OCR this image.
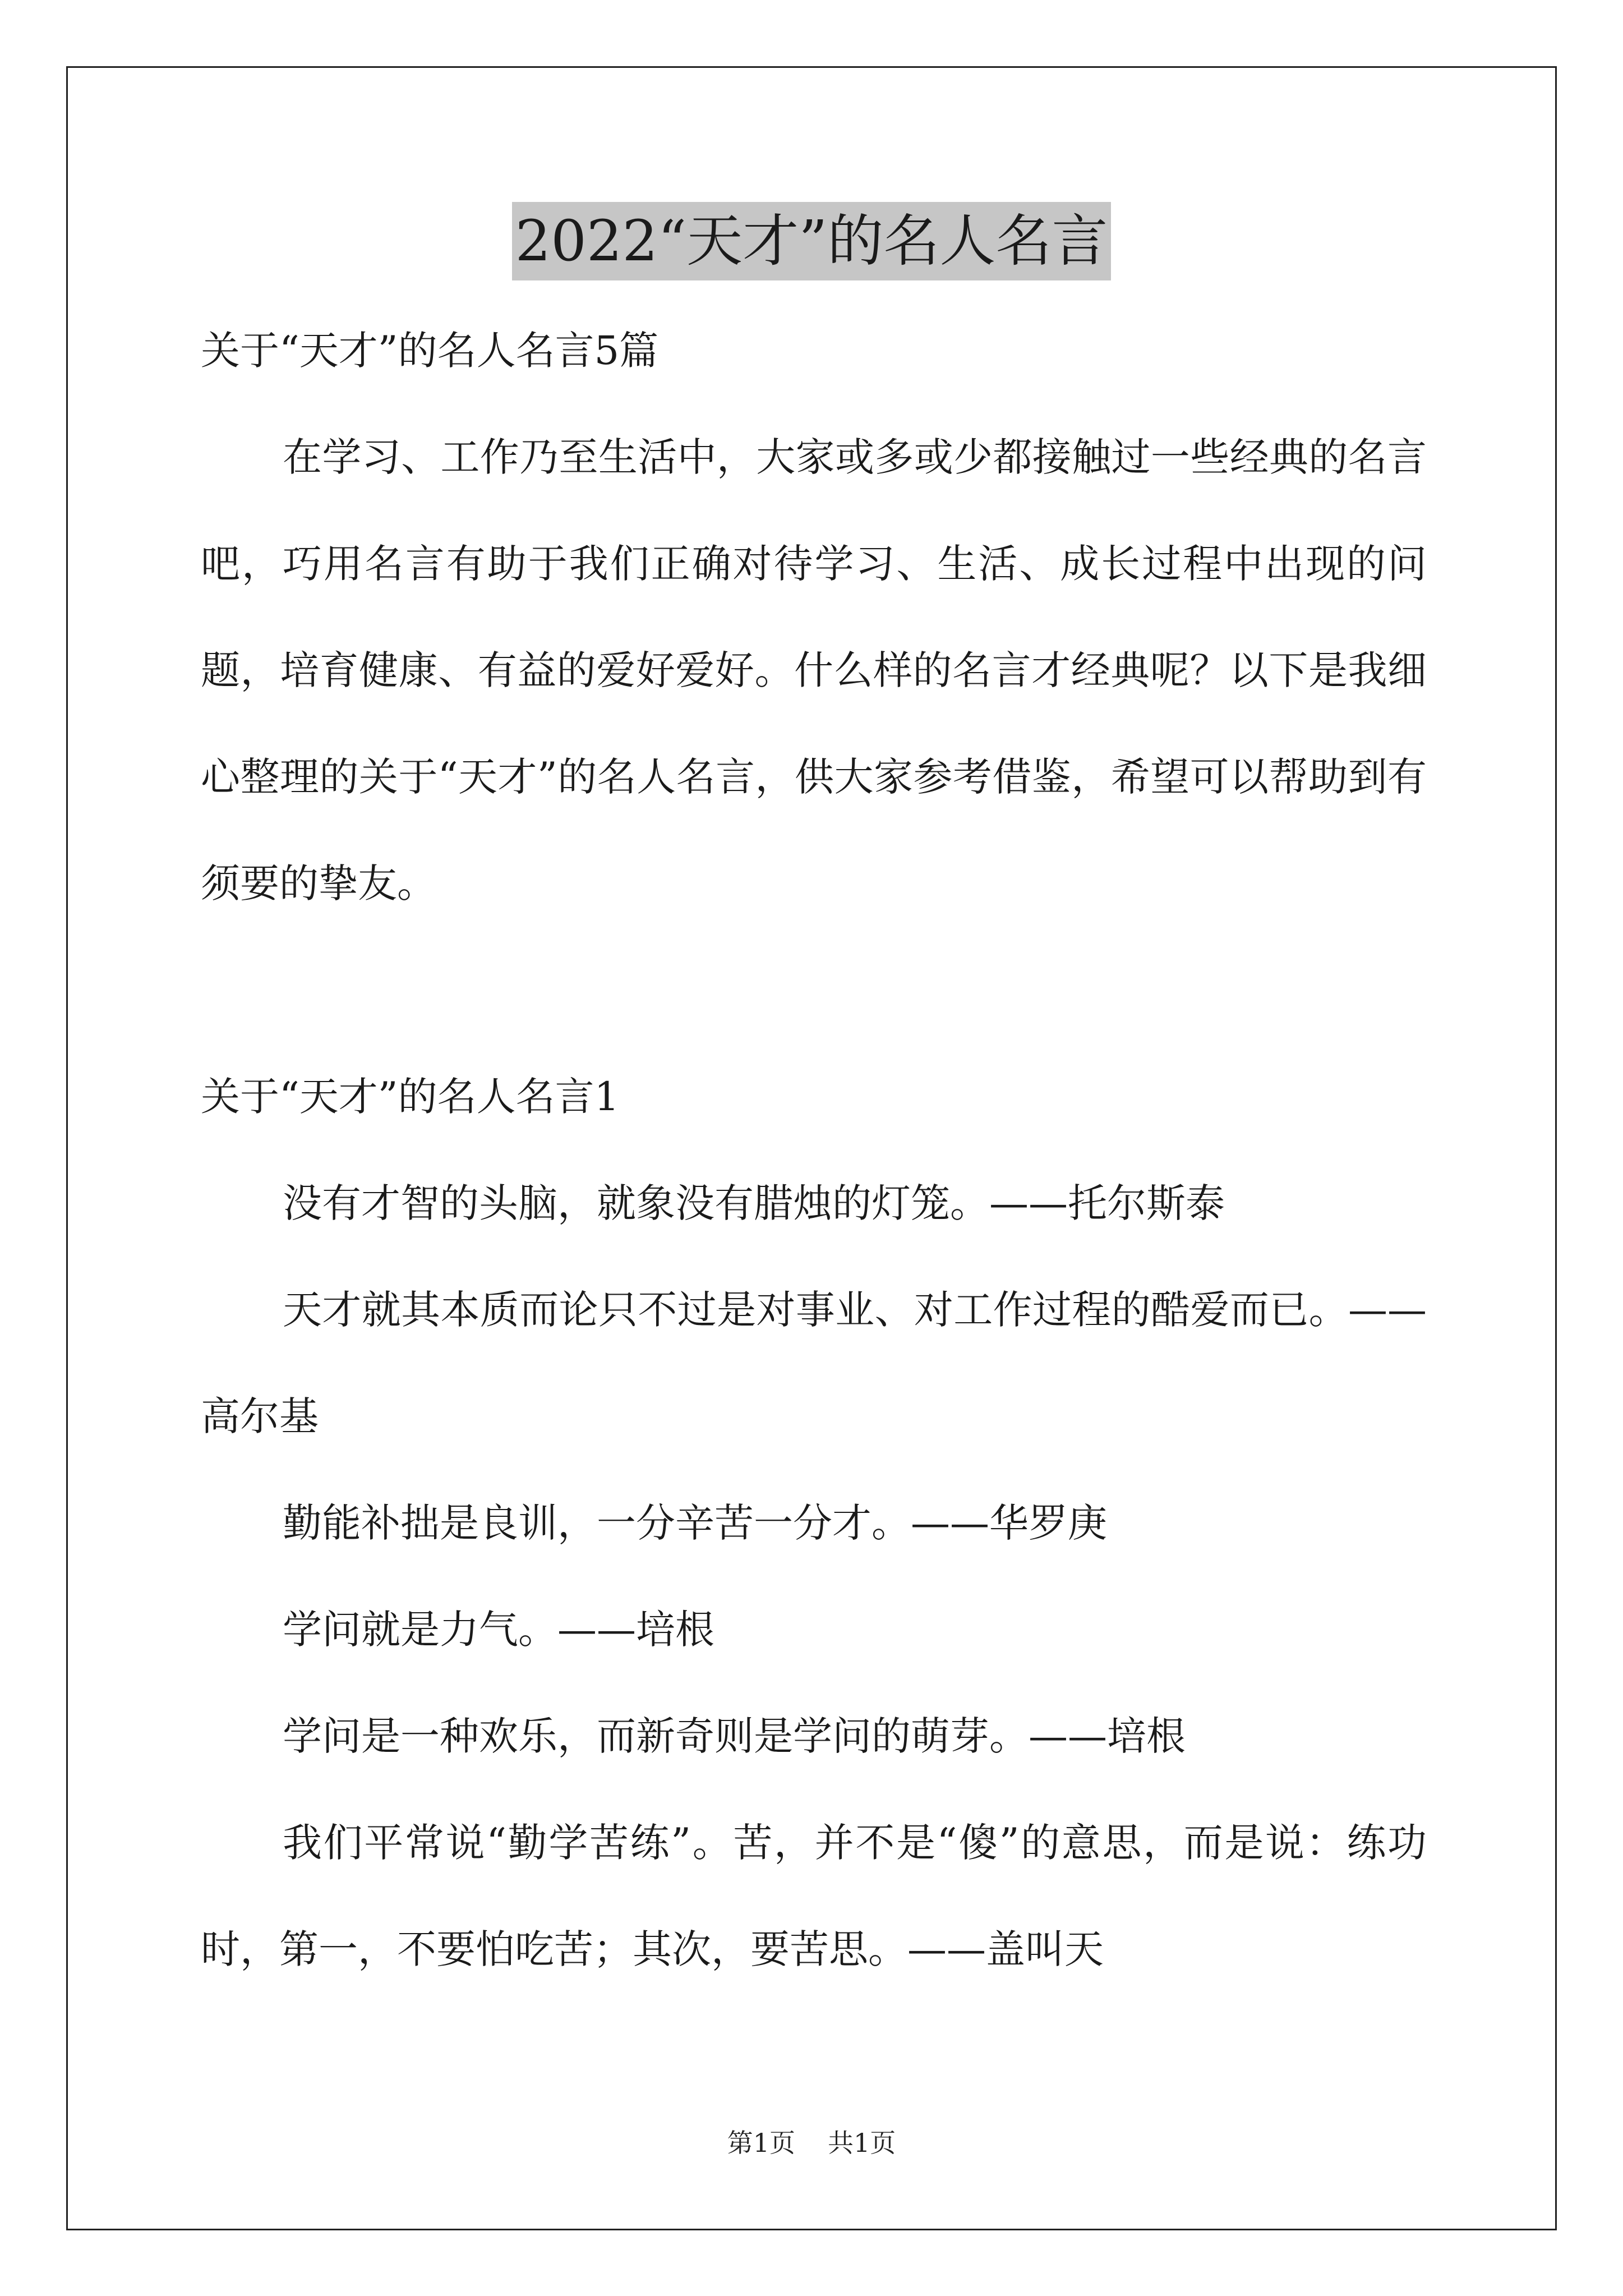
2022“天才”的名人名言

关于“天才”的名人名言5篇

在学习、工作乃至生活中，大家或多或少都接触过一些经典的名言吧，巧用名言有助于我们正确对待学习、生活、成长过程中出现的问题，培育健康、有益的爱好爱好。什么样的名言才经典呢？以下是我细心整理的关于“天才”的名人名言，供大家参考借鉴，希望可以帮助到有须要的挚友。

关于“天才”的名人名言1

没有才智的头脑，就象没有腊烛的灯笼。——托尔斯泰

天才就其本质而论只不过是对事业、对工作过程的酷爱而已。——高尔基

勤能补拙是良训，一分辛苦一分才。——华罗庚

学问就是力气。——培根

学问是一种欢乐，而新奇则是学问的萌芽。——培根

我们平常说“勤学苦练”。苦，并不是“傻”的意思，而是说：练功时，第一，不要怕吃苦；其次，要苦思。——盖叫天

第1页 共1页
